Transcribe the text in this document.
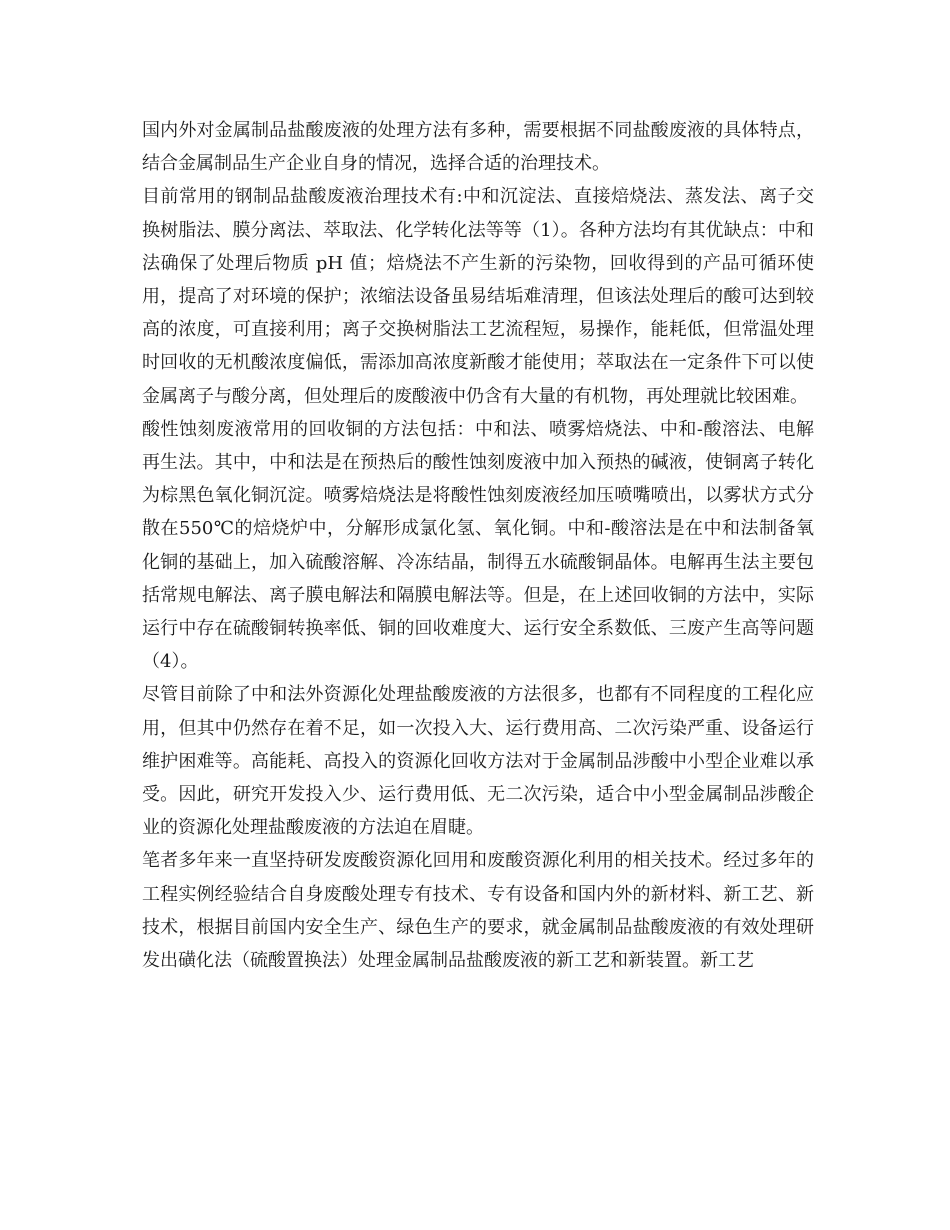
国内外对金属制品盐酸废液的处理方法有多种，需要根据不同盐酸废液的具体特点，结合金属制品生产企业自身的情况，选择合适的治理技术。

目前常用的钢制品盐酸废液治理技术有:中和沉淀法、直接焙烧法、蒸发法、离子交换树脂法、膜分离法、萃取法、化学转化法等等（1）。各种方法均有其优缺点：中和法确保了处理后物质 pH 值；焙烧法不产生新的污染物，回收得到的产品可循环使用，提高了对环境的保护；浓缩法设备虽易结垢难清理，但该法处理后的酸可达到较高的浓度，可直接利用；离子交换树脂法工艺流程短，易操作，能耗低，但常温处理时回收的无机酸浓度偏低，需添加高浓度新酸才能使用；萃取法在一定条件下可以使金属离子与酸分离，但处理后的废酸液中仍含有大量的有机物，再处理就比较困难。

酸性蚀刻废液常用的回收铜的方法包括：中和法、喷雾焙烧法、中和-酸溶法、电解再生法。其中，中和法是在预热后的酸性蚀刻废液中加入预热的碱液，使铜离子转化为棕黑色氧化铜沉淀。喷雾焙烧法是将酸性蚀刻废液经加压喷嘴喷出，以雾状方式分散在550℃的焙烧炉中，分解形成氯化氢、氧化铜。中和-酸溶法是在中和法制备氧化铜的基础上，加入硫酸溶解、冷冻结晶，制得五水硫酸铜晶体。电解再生法主要包括常规电解法、离子膜电解法和隔膜电解法等。但是，在上述回收铜的方法中，实际运行中存在硫酸铜转换率低、铜的回收难度大、运行安全系数低、三废产生高等问题（4）。

尽管目前除了中和法外资源化处理盐酸废液的方法很多，也都有不同程度的工程化应用，但其中仍然存在着不足，如一次投入大、运行费用高、二次污染严重、设备运行维护困难等。高能耗、高投入的资源化回收方法对于金属制品涉酸中小型企业难以承受。因此，研究开发投入少、运行费用低、无二次污染，适合中小型金属制品涉酸企业的资源化处理盐酸废液的方法迫在眉睫。

笔者多年来一直坚持研发废酸资源化回用和废酸资源化利用的相关技术。经过多年的工程实例经验结合自身废酸处理专有技术、专有设备和国内外的新材料、新工艺、新技术，根据目前国内安全生产、绿色生产的要求，就金属制品盐酸废液的有效处理研发出磺化法（硫酸置换法）处理金属制品盐酸废液的新工艺和新装置。新工艺
